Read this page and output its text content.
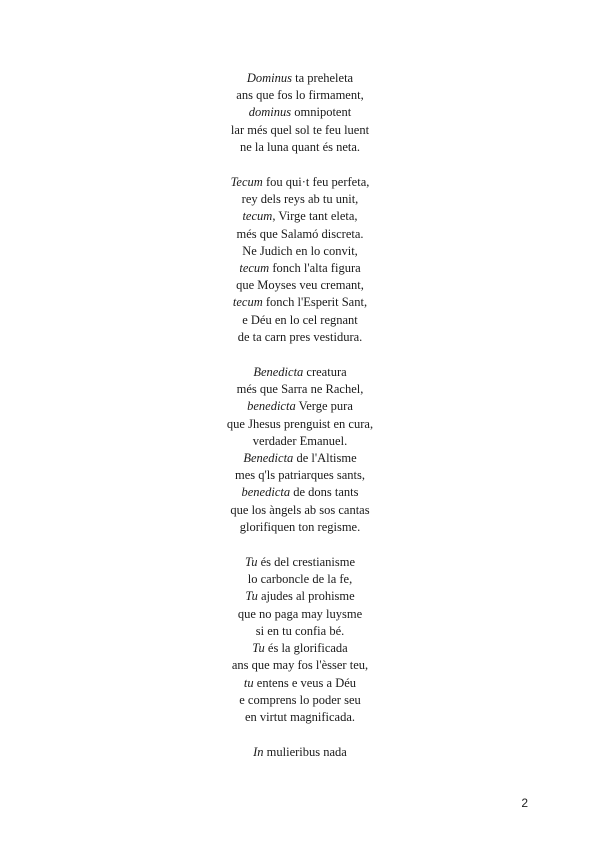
Dominus ta preheleta
ans que fos lo firmament,
dominus omnipotent
lar més quel sol te feu luent
ne la luna quant és neta.
Tecum fou qui·t feu perfeta,
rey dels reys ab tu unit,
tecum, Virge tant eleta,
més que Salamó discreta.
Ne Judich en lo convit,
tecum fonch l'alta figura
que Moyses veu cremant,
tecum fonch l'Esperit Sant,
e Déu en lo cel regnant
de ta carn pres vestidura.
Benedicta creatura
més que Sarra ne Rachel,
benedicta Verge pura
que Jhesus prenguist en cura,
verdader Emanuel.
Benedicta de l'Altisme
mes q'ls patriarques sants,
benedicta de dons tants
que los àngels ab sos cantas
glorifiquen ton regisme.
Tu és del crestianisme
lo carboncle de la fe,
Tu ajudes al prohisme
que no paga may luysme
si en tu confia bé.
Tu és la glorificada
ans que may fos l'èsser teu,
tu entens e veus a Déu
e comprens lo poder seu
en virtut magnificada.
In mulieribus nada
2
